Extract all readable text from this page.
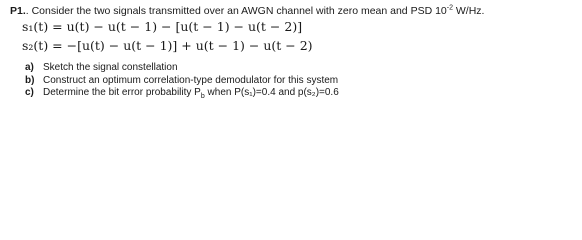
P1.. Consider the two signals transmitted over an AWGN channel with zero mean and PSD $10^{-2}$ W/Hz.
s₁(t) = u(t) − u(t − 1) − [u(t − 1) − u(t − 2)]
s₂(t) = −[u(t) − u(t − 1)] + u(t − 1) − u(t − 2)
a) Sketch the signal constellation
b) Construct an optimum correlation-type demodulator for this system
c) Determine the bit error probability $P_b$ when P(s₁)=0.4 and p(s₂)=0.6
